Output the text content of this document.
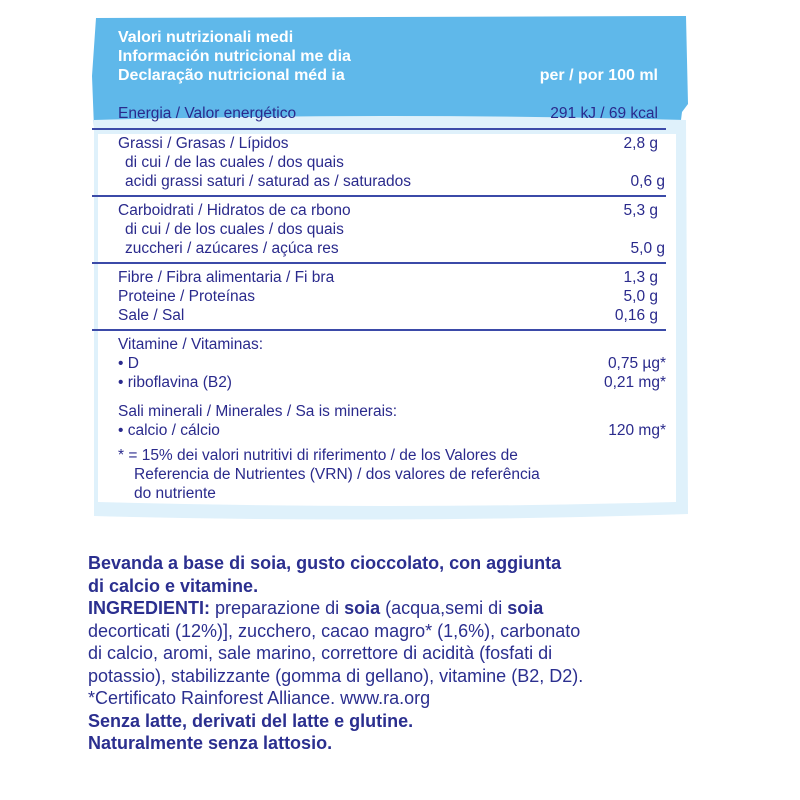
Valori nutrizionali medi
Información nutricional me dia
Declaração nutricional méd ia	per / por 100 ml
Energia / Valor energético	291 kJ / 69 kcal
Grassi / Grasas / Lípidos	2,8 g
di cui / de las cuales / dos quais
acidi grassi saturi / saturad as / saturados	0,6 g
Carboidrati / Hidratos de ca rbono	5,3 g
di cui / de los cuales / dos quais
zuccheri / azúcares / açúca res	5,0 g
Fibre / Fibra alimentaria / Fi bra	1,3 g
Proteine / Proteínas	5,0 g
Sale / Sal	0,16 g
Vitamine / Vitaminas:
• D	0,75 µg*
• riboflavina (B2)	0,21 mg*
Sali minerali / Minerales / Sa is minerais:
• calcio / cálcio	120 mg*
* = 15% dei valori nutritivi di riferimento / de los Valores de
Referencia de Nutrientes (VRN) / dos valores de referência
do nutriente
Bevanda a base di soia, gusto cioccolato, con aggiunta
di calcio e vitamine.
INGREDIENTI: preparazione di soia (acqua,semi di soia
decorticati (12%)], zucchero, cacao magro* (1,6%), carbonato
di calcio, aromi, sale marino, correttore di acidità (fosfati di
potassio), stabilizzante (gomma di gellano), vitamine (B2, D2).
*Certificato Rainforest Alliance. www.ra.org
Senza latte, derivati del latte e glutine.
Naturalmente senza lattosio.
